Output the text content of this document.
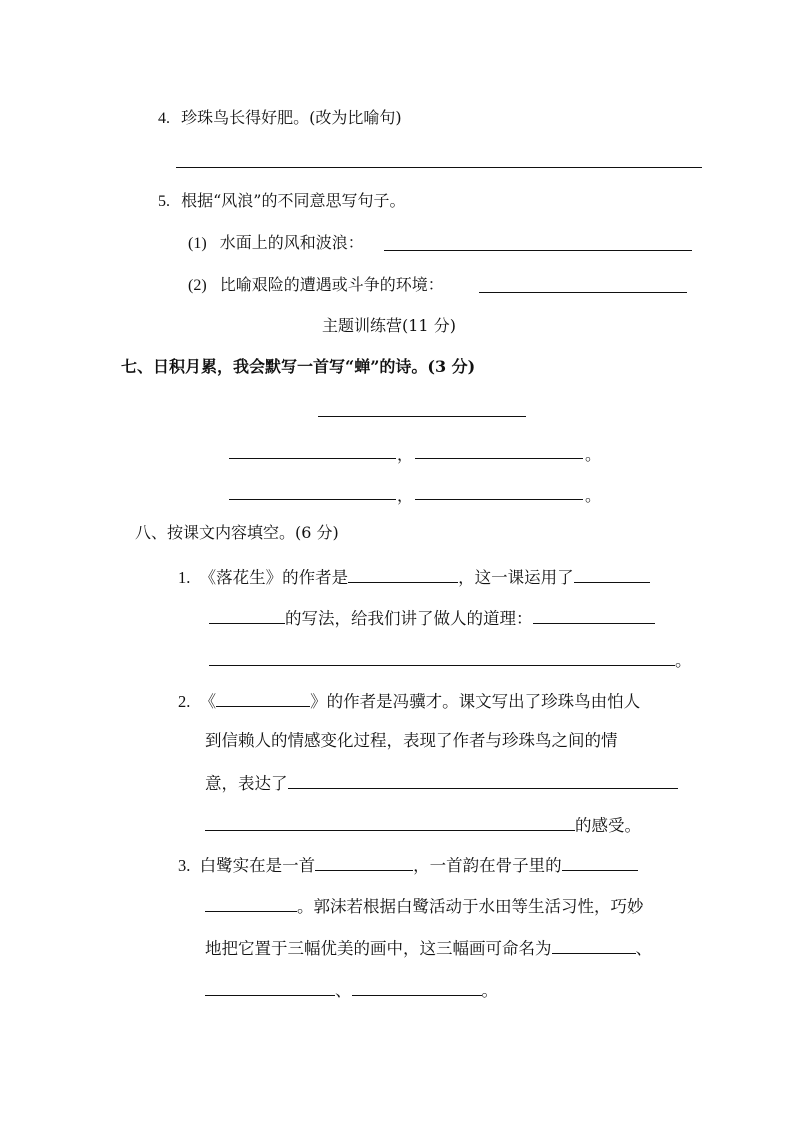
4. 珍珠鸟长得好肥。(改为比喻句)
5. 根据“风浪”的不同意思写句子。
(1) 水面上的风和波浪：
(2) 比喻艰险的遭遇或斗争的环境：
主题训练营(11 分)
七、日积月累，我会默写一首写“蝉”的诗。(3 分)
，	。
，	。
八、按课文内容填空。(6 分)
1. 《落花生》的作者是	，这一课运用了
的写法，给我们讲了做人的道理：
。
2. 《	》的作者是冯骥才。课文写出了珍珠鸟由怕人
到信赖人的情感变化过程，表现了作者与珍珠鸟之间的情
意，表达了
的感受。
3. 白鹭实在是一首	，一首韵在骨子里的
。郭沫若根据白鹭活动于水田等生活习性，巧妙
地把它置于三幅优美的画中，这三幅画可命名为	、
、	。
